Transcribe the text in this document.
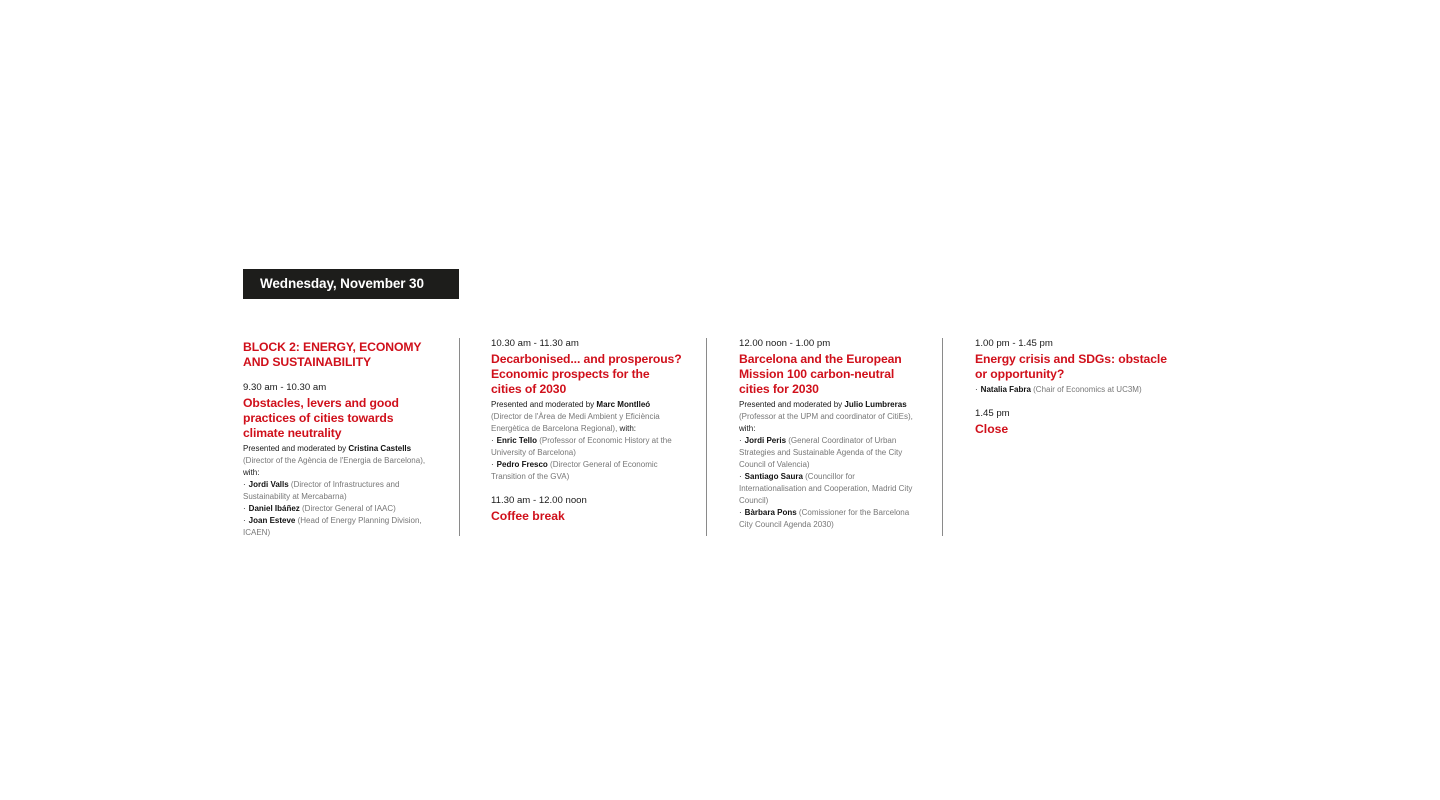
Wednesday, November 30

BLOCK 2: ENERGY, ECONOMY AND SUSTAINABILITY

9.30 am - 10.30 am

Obstacles, levers and good practices of cities towards climate neutrality

Presented and moderated by Cristina Castells (Director of the Agència de l'Energia de Barcelona), with:

· Jordi Valls (Director of Infrastructures and Sustainability at Mercabarna)

· Daniel Ibáñez (Director General of IAAC)

· Joan Esteve (Head of Energy Planning Division, ICAEN)

10.30 am - 11.30 am

Decarbonised... and prosperous? Economic prospects for the cities of 2030

Presented and moderated by Marc Montlleó (Director de l'Àrea de Medi Ambient y Eficiència Energètica de Barcelona Regional), with:

· Enric Tello (Professor of Economic History at the University of Barcelona)

· Pedro Fresco (Director General of Economic Transition of the GVA)

11.30 am - 12.00 noon

Coffee break

12.00 noon - 1.00 pm

Barcelona and the European Mission 100 carbon-neutral cities for 2030

Presented and moderated by Julio Lumbreras (Professor at the UPM and coordinator of CitiEs), with:

· Jordi Peris (General Coordinator of Urban Strategies and Sustainable Agenda of the City Council of Valencia)

· Santiago Saura (Councillor for Internationalisation and Cooperation, Madrid City Council)

· Bàrbara Pons (Comissioner for the Barcelona City Council Agenda 2030)

1.00 pm - 1.45 pm

Energy crisis and SDGs: obstacle or opportunity?

· Natalia Fabra (Chair of Economics at UC3M)

1.45 pm

Close
